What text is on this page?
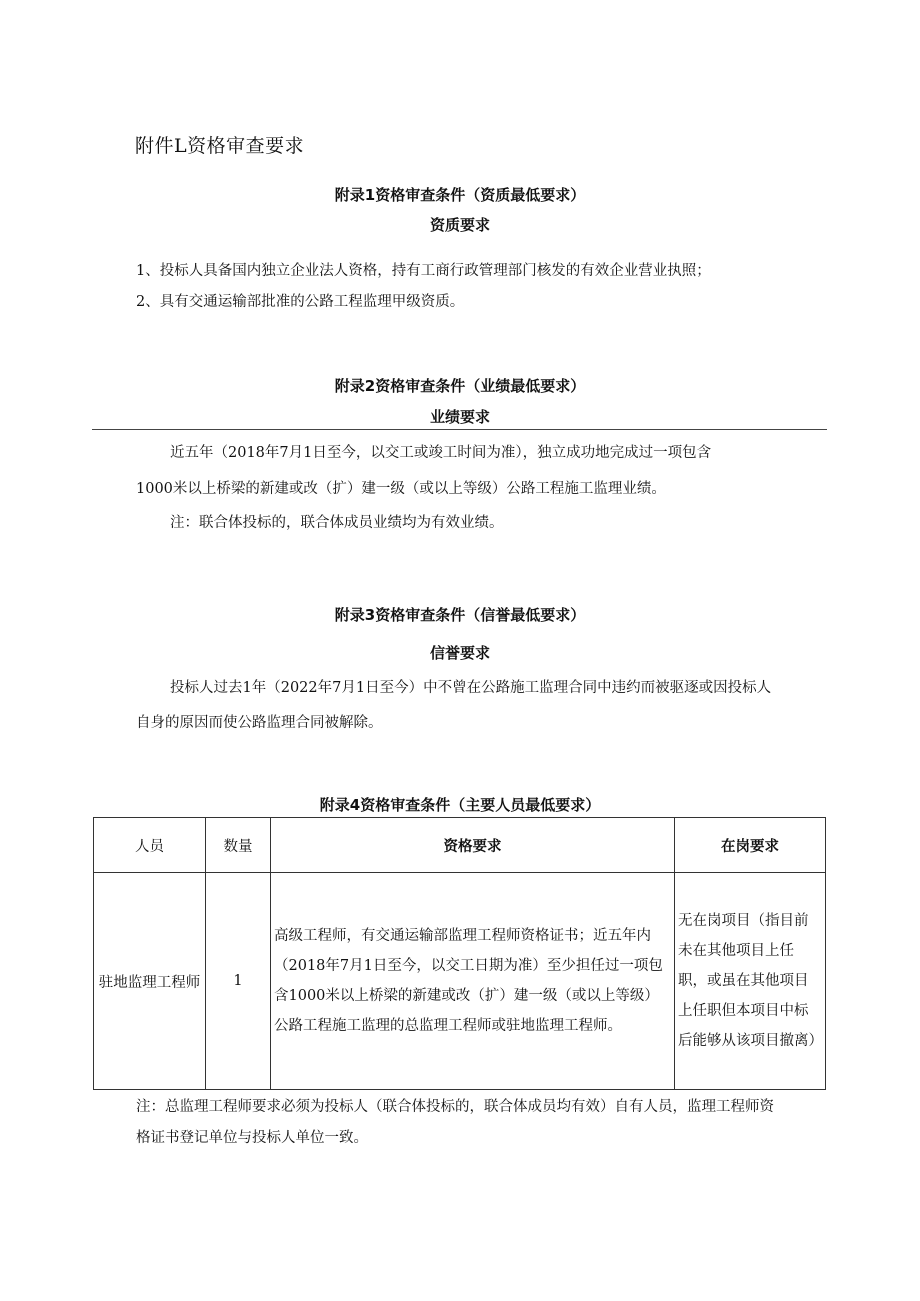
附件L资格审查要求
附录1资格审查条件（资质最低要求）
资质要求
1、投标人具备国内独立企业法人资格，持有工商行政管理部门核发的有效企业营业执照；
2、具有交通运输部批准的公路工程监理甲级资质。
附录2资格审查条件（业绩最低要求）
业绩要求
近五年（2018年7月1日至今，以交工或竣工时间为准），独立成功地完成过一项包含
1000米以上桥梁的新建或改（扩）建一级（或以上等级）公路工程施工监理业绩。
注：联合体投标的，联合体成员业绩均为有效业绩。
附录3资格审查条件（信誉最低要求）
信誉要求
投标人过去1年（2022年7月1日至今）中不曾在公路施工监理合同中违约而被驱逐或因投标人
自身的原因而使公路监理合同被解除。
附录4资格审查条件（主要人员最低要求）
人员	数量	资格要求	在岗要求
驻地监理工程师	1	高级工程师，有交通运输部监理工程师资格证书；近五年内（2018年7月1日至今，以交工日期为准）至少担任过一项包含1000米以上桥梁的新建或改（扩）建一级（或以上等级）公路工程施工监理的总监理工程师或驻地监理工程师。	无在岗项目（指目前未在其他项目上任职，或虽在其他项目上任职但本项目中标后能够从该项目撤离）
注：总监理工程师要求必须为投标人（联合体投标的，联合体成员均有效）自有人员，监理工程师资
格证书登记单位与投标人单位一致。
